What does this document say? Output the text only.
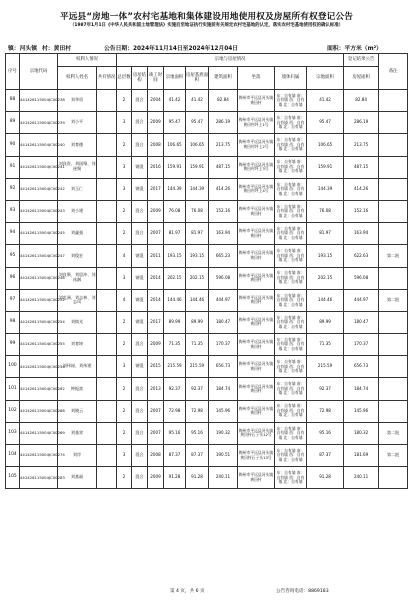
平远县“房地一体”农村宅基地和集体建设用地使用权及房屋所有权登记公告
（1987年1月1日《中华人民共和国土地管理法》实施后至地证执行实施前有关规定农村宅基地的认定，落实农村宅基地使用权的确认标准）
镇：河头镇 村：黄田村	公告日期：2024年11月14日至2024年12月04日	面积：平方米（m²）
序号	宗地代码	权利人情况		宗地与房屋情况									登记结果公告	备注
		权利人姓名	共有情况	总层数	房屋结构	竣工时间	宗地面积	房屋基底面积	建筑面积	坐落	墙体归属	宗地面积	房屋面积	
88	441426115004JC00238	刘华贵		2	混合	2004	41.42	41.42	82.84	梅州市平远县河头镇黄田村	东：自有墙 南：自有墙 西：自有墙 北：自有墙	41.42	82.84	
89	441426115004JC00239	刘小平		3	混合	2009	95.47	95.47	286.19	梅州市平远县河头镇黄田村坪上1号	东：自有墙 南：自有墙 西：自有墙 北：自有墙	95.47	286.19	
90	441426115004JC00240	刘育德		2	混合	2008	106.65	106.65	213.75	梅州市平远县河头镇黄田村坪上2号	东：自有墙 南：自有墙 西：自有墙 北：自有墙	106.65	213.75	
91	441426115004JC00241	刘良贵、刘国聚、刘迷聚		3	钢混	2016	159.91	159.91	487.15	梅州市平远县河头镇黄田村坪上3号	东：自有墙 南：自有墙 西：自有墙 北：自有墙	159.91	487.15	
92	441426115004JC00242	刘玉仁		3	钢混	2017	144.39	144.39	414.26	梅州市平远县河头镇黄田村坪上4号	东：自有墙 南：自有墙 西：自有墙 北：自有墙	144.39	414.26	
93	441426115004JC00243	刘小建		2	混合	2009	76.08	76.08	152.16	梅州市平远县河头镇黄田村	东：自有墙 南：自有墙 西：自有墙 北：自有墙	76.08	152.16	
94	441426115004JC00245	刘鑫强		2	混合	2007	81.97	81.97	163.94	梅州市平远县河头镇黄田村	东：自有墙 南：自有墙 西：自有墙 北：自有墙	81.97	163.94	
95	441426115004JC00247	刘俊宏		4	钢混	2011	193.15	193.15	665.23	梅州市平远县河头镇黄田村	东：自有墙 南：自有墙 西：自有墙 北：自有墙	193.15	622.63	第二批
96	441426115004JC00248	刘良聚、刘思冲、刘冰淋		3	钢混	2014	202.15	202.15	596.08	梅州市平远县河头镇黄田村	东：自有墙 南：自有墙 西：自有墙 北：自有墙	202.15	596.08	
97	441426115004JC00252	刘忠洲、刘志林、刘志凤		4	钢混	2014	144.46	144.46	444.97	梅州市平远县河头镇黄田村	东：自有墙 南：自有墙 西：自有墙 北：自有墙	144.46	444.97	第二批
98	441426115004JC00254	刘焕光		2	钢混	2017	89.99	89.99	180.47	梅州市平远县河头镇黄田村	东：自有墙 南：自有墙 西：自有墙 北：自有墙	89.99	180.47	
99	441426115004JC00255	刘育坤		2	混合	2009	71.35	71.35	170.37	梅州市平远县河头镇黄田村	东：自有墙 南：自有墙 西：自有墙 北：自有墙	71.35	170.37	
100	441426115004JC00256	刘伟禄、刘伟建		3	钢混	2015	215.59	215.59	656.73	梅州市平远县河头镇黄田村	东：自有墙 南：自有墙 西：自有墙 北：自有墙	215.59	656.73	
101	441426115004JC00262	钟振富		2	混合	2013	92.37	92.37	184.74	梅州市平远县河头镇黄田村	东：自有墙 南：自有墙 西：自有墙 北：自有墙	92.37	184.74	
102	441426115004JC00268	刘晓云		2	混合	2007	72.98	72.98	145.96	梅州市平远县河头镇黄田村	东：自有墙 南：自有墙 西：自有墙 北：自有墙	72.98	145.96	
103	441426115004JC00269	刘基荣		2	混合	2007	95.16	95.16	190.32	梅州市平远县河头镇黄田村石子头12号	东：自有墙 南：自有墙 西：自有墙 北：自有墙	95.16	180.32	第二批
104	441426115004JC00274	刘岸		3	混合	2008	87.37	87.37	190.51	梅州市平远县河头镇黄田村石子头13号	东：自有墙 南：自有墙 西：自有墙 北：自有墙	87.37	181.69	第二批
105	441426115004JC00283	刘基福		2	混合	2009	91.28	91.28	240.11	梅州市平远县河头镇黄田村	东：自有墙 南：自有墙 西：自有墙 北：自有墙	91.28	240.11	
第 4 页，共 6 页	公告咨询电话：8869183
